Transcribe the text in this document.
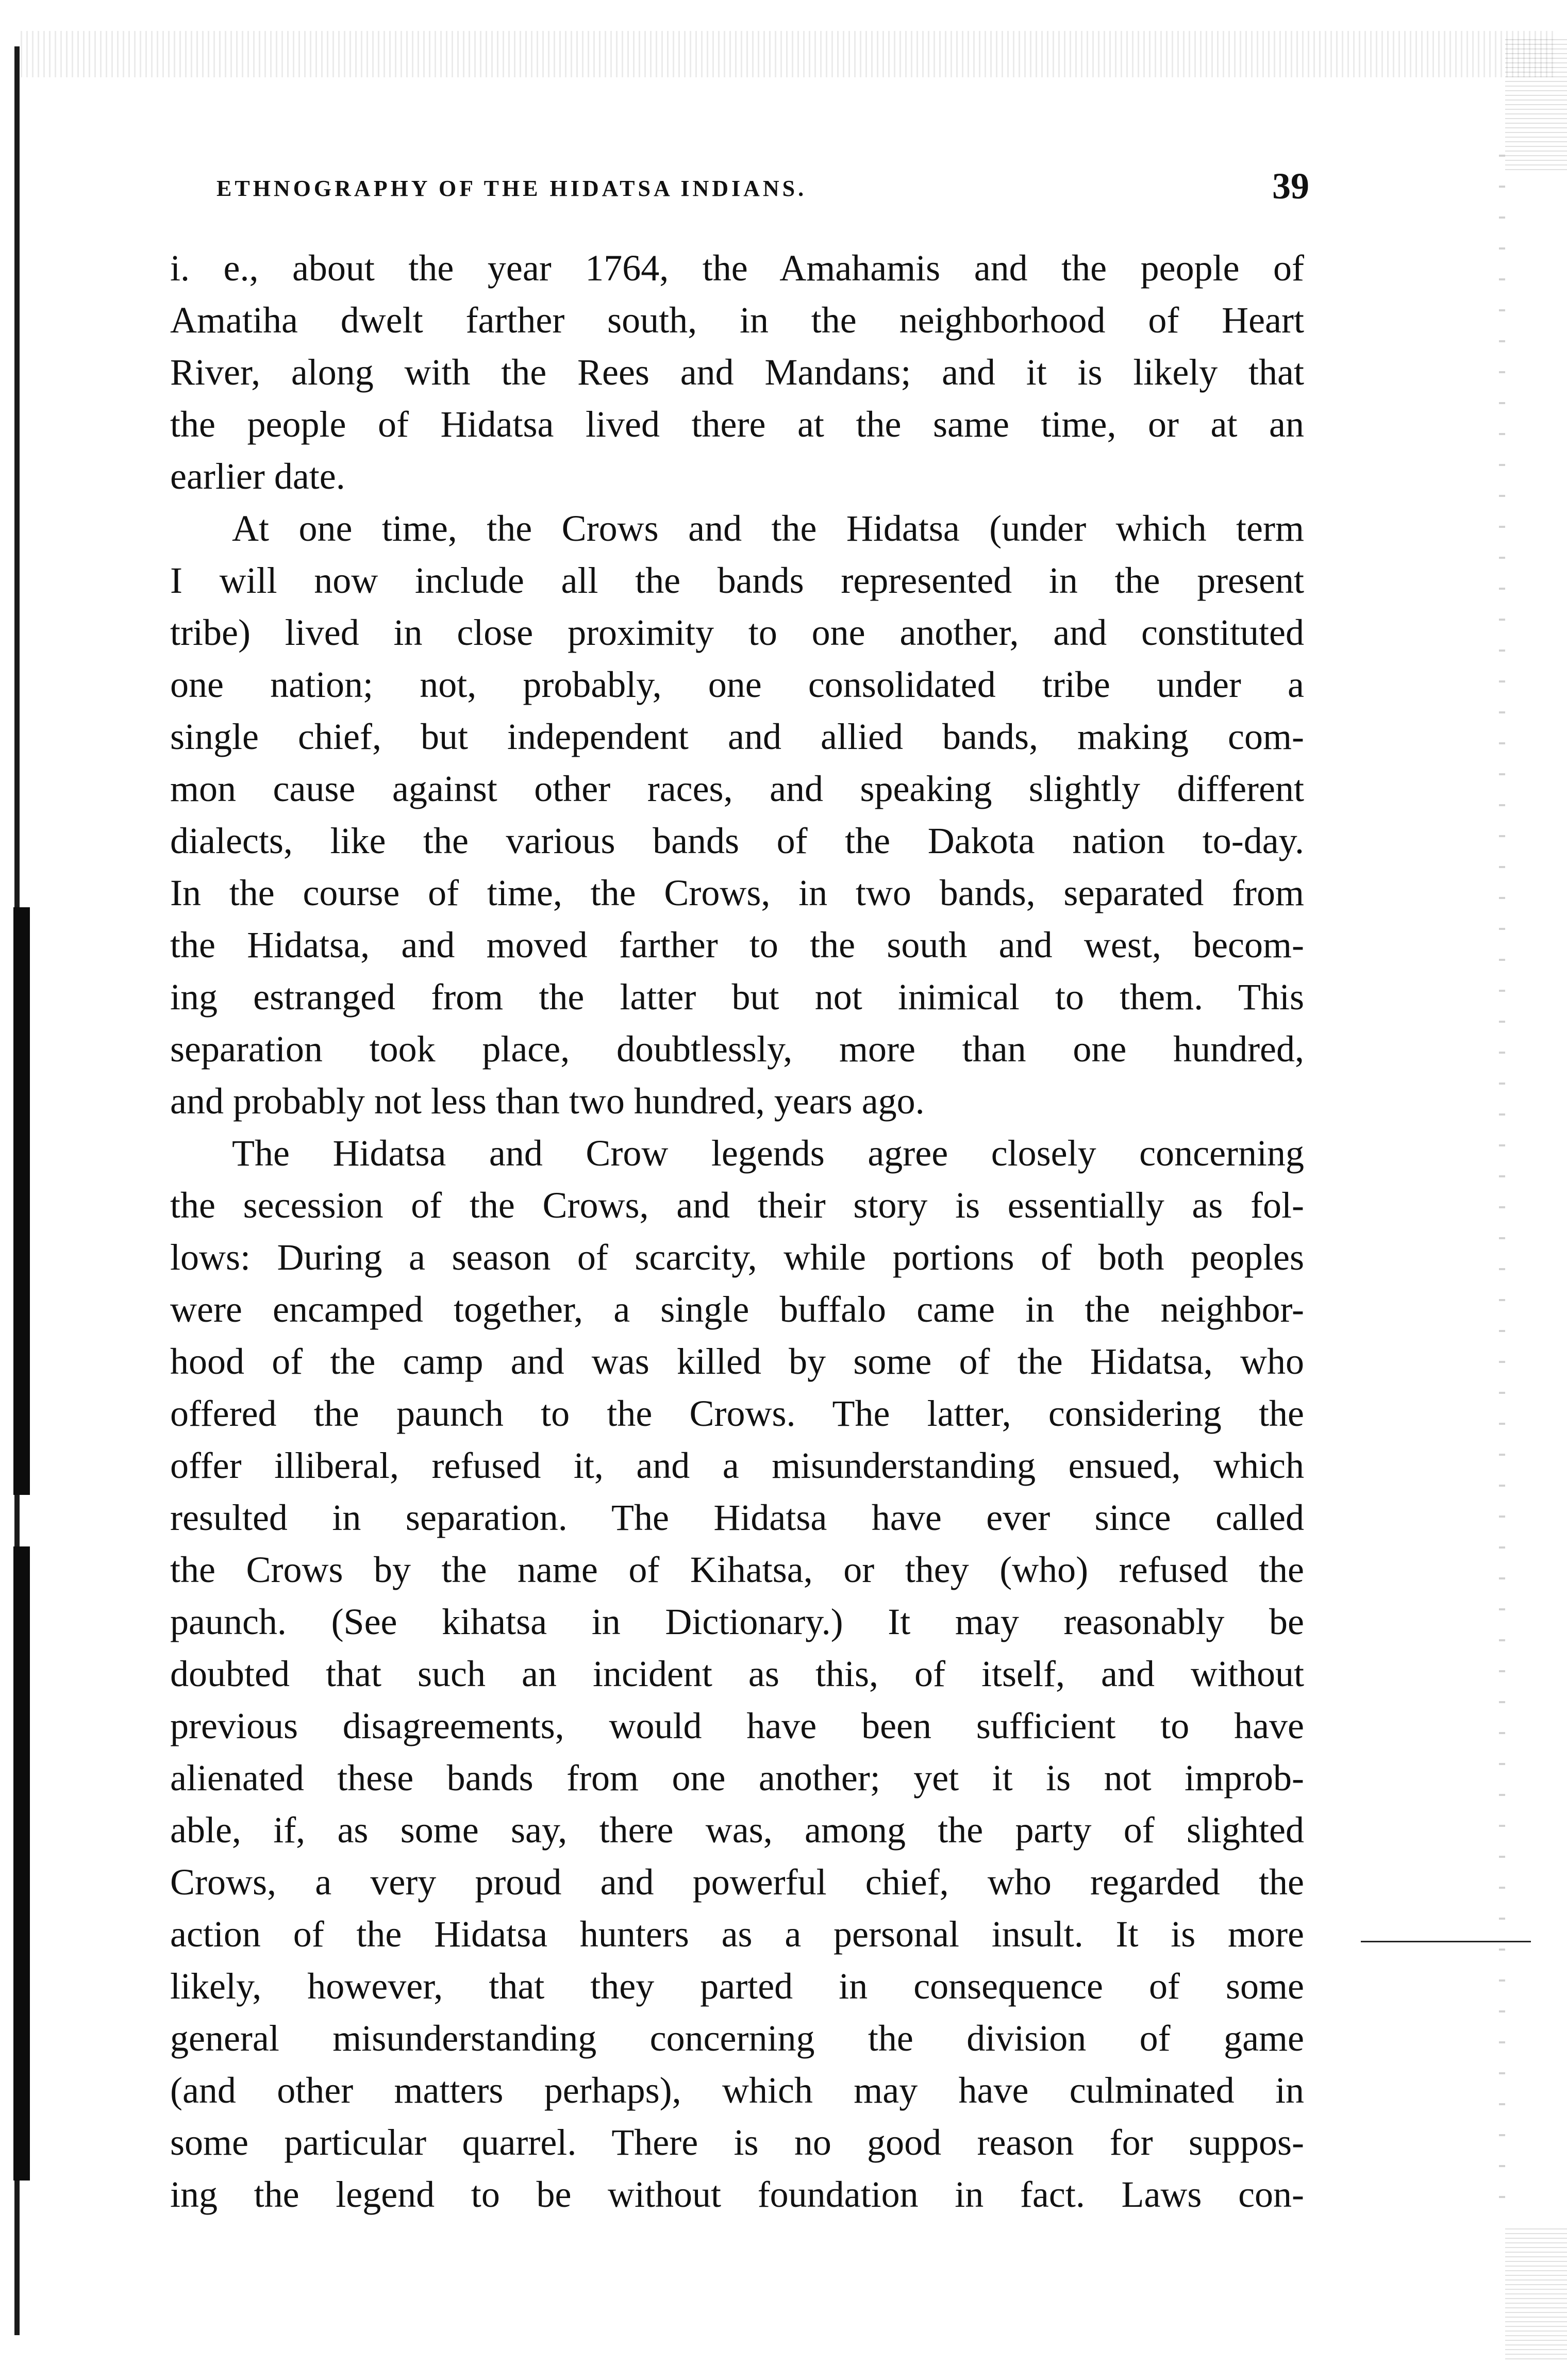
ETHNOGRAPHY OF THE HIDATSA INDIANS.	39
i. e., about the year 1764, the Amahamis and the people of
Amatiha dwelt farther south, in the neighborhood of Heart
River, along with the Rees and Mandans; and it is likely that
the people of Hidatsa lived there at the same time, or at an
earlier date.
At one time, the Crows and the Hidatsa (under which term
I will now include all the bands represented in the present
tribe) lived in close proximity to one another, and constituted
one nation; not, probably, one consolidated tribe under a
single chief, but independent and allied bands, making com-
mon cause against other races, and speaking slightly different
dialects, like the various bands of the Dakota nation to-day.
In the course of time, the Crows, in two bands, separated from
the Hidatsa, and moved farther to the south and west, becom-
ing estranged from the latter but not inimical to them. This
separation took place, doubtlessly, more than one hundred,
and probably not less than two hundred, years ago.
The Hidatsa and Crow legends agree closely concerning
the secession of the Crows, and their story is essentially as fol-
lows: During a season of scarcity, while portions of both peoples
were encamped together, a single buffalo came in the neighbor-
hood of the camp and was killed by some of the Hidatsa, who
offered the paunch to the Crows. The latter, considering the
offer illiberal, refused it, and a misunderstanding ensued, which
resulted in separation. The Hidatsa have ever since called
the Crows by the name of Kihatsa, or they (who) refused the
paunch. (See kihatsa in Dictionary.) It may reasonably be
doubted that such an incident as this, of itself, and without
previous disagreements, would have been sufficient to have
alienated these bands from one another; yet it is not improb-
able, if, as some say, there was, among the party of slighted
Crows, a very proud and powerful chief, who regarded the
action of the Hidatsa hunters as a personal insult. It is more
likely, however, that they parted in consequence of some
general misunderstanding concerning the division of game
(and other matters perhaps), which may have culminated in
some particular quarrel. There is no good reason for suppos-
ing the legend to be without foundation in fact. Laws con-
